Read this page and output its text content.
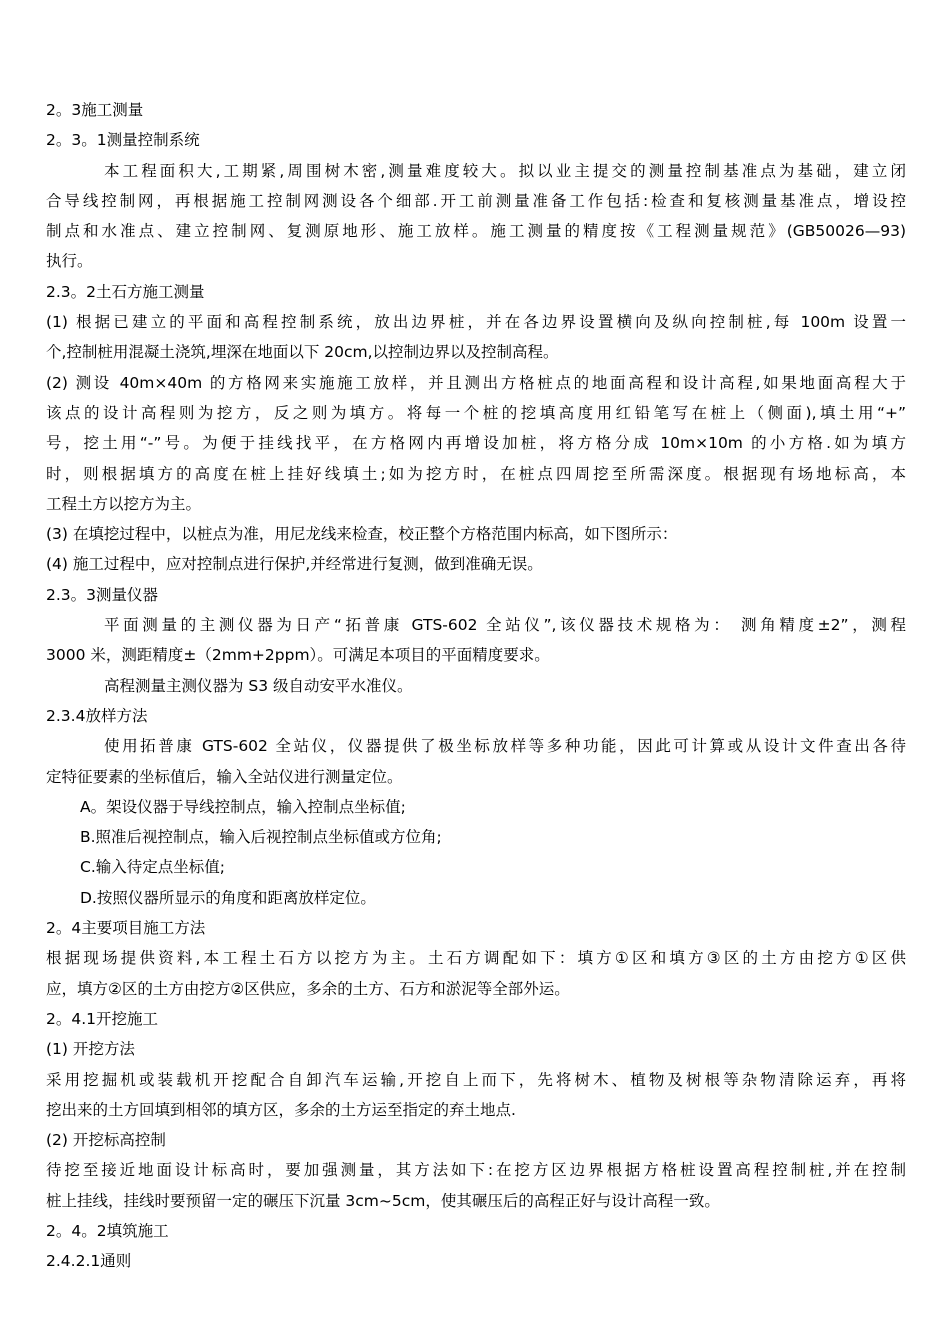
2。3施工测量
2。3。1测量控制系统
本工程面积大,工期紧,周围树木密,测量难度较大。拟以业主提交的测量控制基准点为基础，建立闭
合导线控制网，再根据施工控制网测设各个细部.开工前测量准备工作包括:检查和复核测量基准点，增设控
制点和水准点、建立控制网、复测原地形、施工放样。施工测量的精度按《工程测量规范》(GB50026—93)
执行。
2.3。2土石方施工测量
(1) 根据已建立的平面和高程控制系统，放出边界桩，并在各边界设置横向及纵向控制桩,每 100m 设置一
个,控制桩用混凝土浇筑,埋深在地面以下 20cm,以控制边界以及控制高程。
(2) 测设 40m×40m 的方格网来实施施工放样，并且测出方格桩点的地面高程和设计高程,如果地面高程大于
该点的设计高程则为挖方，反之则为填方。将每一个桩的挖填高度用红铅笔写在桩上（侧面),填土用“+”
号，挖土用“-”号。为便于挂线找平，在方格网内再增设加桩，将方格分成 10m×10m 的小方格.如为填方
时，则根据填方的高度在桩上挂好线填土;如为挖方时，在桩点四周挖至所需深度。根据现有场地标高，本
工程土方以挖方为主。
(3) 在填挖过程中，以桩点为准，用尼龙线来检查，校正整个方格范围内标高，如下图所示：
(4) 施工过程中，应对控制点进行保护,并经常进行复测，做到准确无误。
2.3。3测量仪器
平面测量的主测仪器为日产“拓普康 GTS-602 全站仪”,该仪器技术规格为： 测角精度±2”，测程
3000 米，测距精度±（2mm+2ppm）。可满足本项目的平面精度要求。
高程测量主测仪器为 S3 级自动安平水准仪。
2.3.4放样方法
使用拓普康 GTS-602 全站仪，仪器提供了极坐标放样等多种功能，因此可计算或从设计文件查出各待
定特征要素的坐标值后，输入全站仪进行测量定位。
A。架设仪器于导线控制点，输入控制点坐标值;
B.照准后视控制点，输入后视控制点坐标值或方位角;
C.输入待定点坐标值;
D.按照仪器所显示的角度和距离放样定位。
2。4主要项目施工方法
根据现场提供资料,本工程土石方以挖方为主。土石方调配如下：填方①区和填方③区的土方由挖方①区供
应，填方②区的土方由挖方②区供应，多余的土方、石方和淤泥等全部外运。
2。4.1开挖施工
(1) 开挖方法
采用挖掘机或装载机开挖配合自卸汽车运输,开挖自上而下，先将树木、植物及树根等杂物清除运弃，再将
挖出来的土方回填到相邻的填方区，多余的土方运至指定的弃土地点.
(2) 开挖标高控制
待挖至接近地面设计标高时，要加强测量，其方法如下:在挖方区边界根据方格桩设置高程控制桩,并在控制
桩上挂线，挂线时要预留一定的碾压下沉量 3cm~5cm，使其碾压后的高程正好与设计高程一致。
2。4。2填筑施工
2.4.2.1通则
